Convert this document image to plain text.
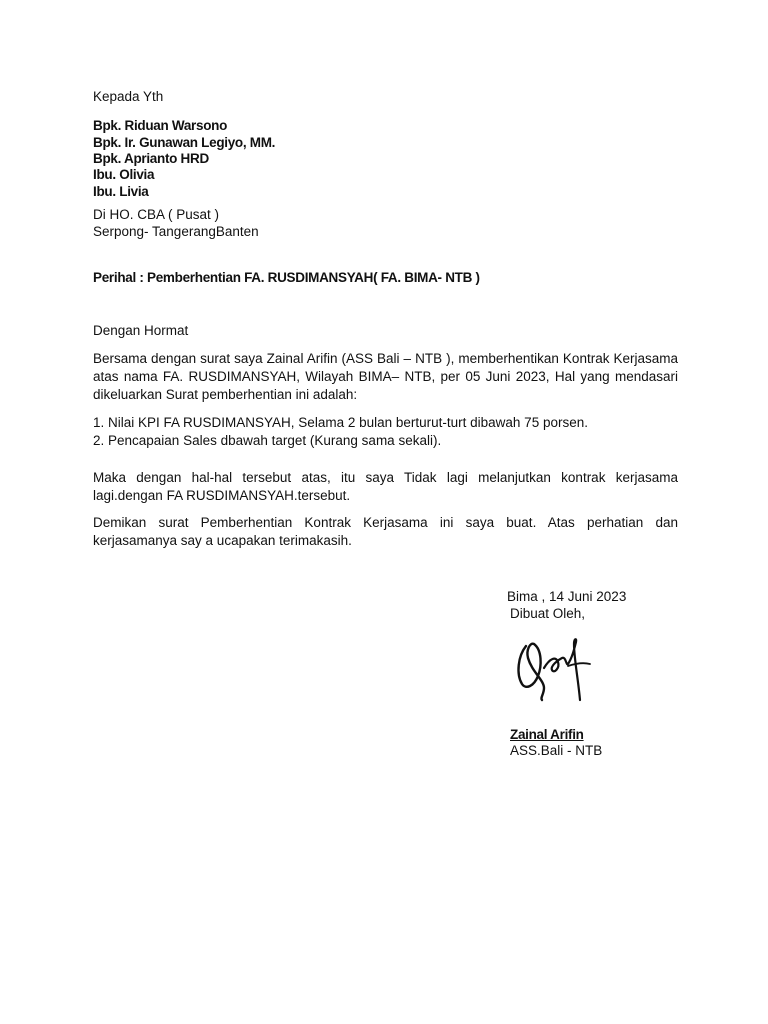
Kepada Yth
Bpk. Riduan Warsono
Bpk. Ir. Gunawan Legiyo, MM.
Bpk. Aprianto HRD
Ibu. Olivia
Ibu. Livia
Di HO. CBA ( Pusat )
Serpong- TangerangBanten
Perihal : Pemberhentian FA. RUSDIMANSYAH( FA. BIMA- NTB )
Dengan Hormat
Bersama dengan surat saya Zainal Arifin (ASS Bali – NTB ), memberhentikan Kontrak Kerjasama atas nama FA. RUSDIMANSYAH, Wilayah BIMA– NTB, per 05 Juni 2023, Hal yang mendasari dikeluarkan Surat pemberhentian ini adalah:
1. Nilai KPI FA RUSDIMANSYAH, Selama 2 bulan berturut-turt dibawah 75 porsen.
2. Pencapaian Sales dbawah target (Kurang sama sekali).
Maka dengan hal-hal tersebut atas, itu saya Tidak lagi melanjutkan kontrak kerjasama lagi.dengan FA RUSDIMANSYAH.tersebut.
Demikan surat Pemberhentian Kontrak Kerjasama ini saya buat. Atas perhatian dan kerjasamanya say a ucapakan terimakasih.
Bima , 14 Juni 2023
Dibuat Oleh,
Zainal Arifin
ASS.Bali - NTB
